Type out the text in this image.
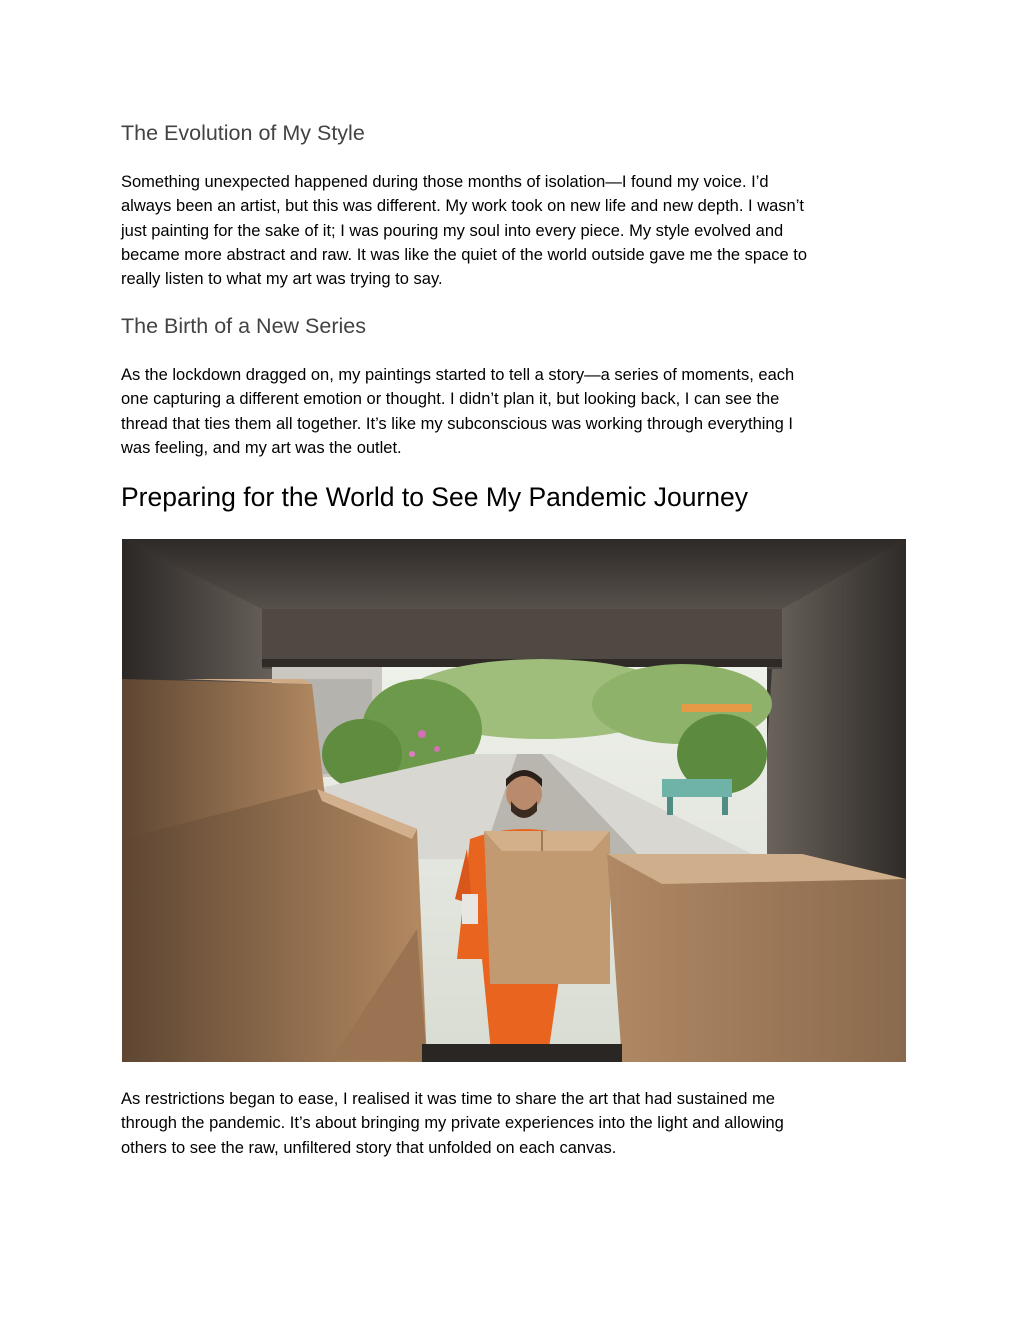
The Evolution of My Style
Something unexpected happened during those months of isolation—I found my voice. I’d
always been an artist, but this was different. My work took on new life and new depth. I wasn’t
just painting for the sake of it; I was pouring my soul into every piece. My style evolved and
became more abstract and raw. It was like the quiet of the world outside gave me the space to
really listen to what my art was trying to say.
The Birth of a New Series
As the lockdown dragged on, my paintings started to tell a story—a series of moments, each
one capturing a different emotion or thought. I didn’t plan it, but looking back, I can see the
thread that ties them all together. It’s like my subconscious was working through everything I
was feeling, and my art was the outlet.
Preparing for the World to See My Pandemic Journey
As restrictions began to ease, I realised it was time to share the art that had sustained me
through the pandemic. It’s about bringing my private experiences into the light and allowing
others to see the raw, unfiltered story that unfolded on each canvas.
